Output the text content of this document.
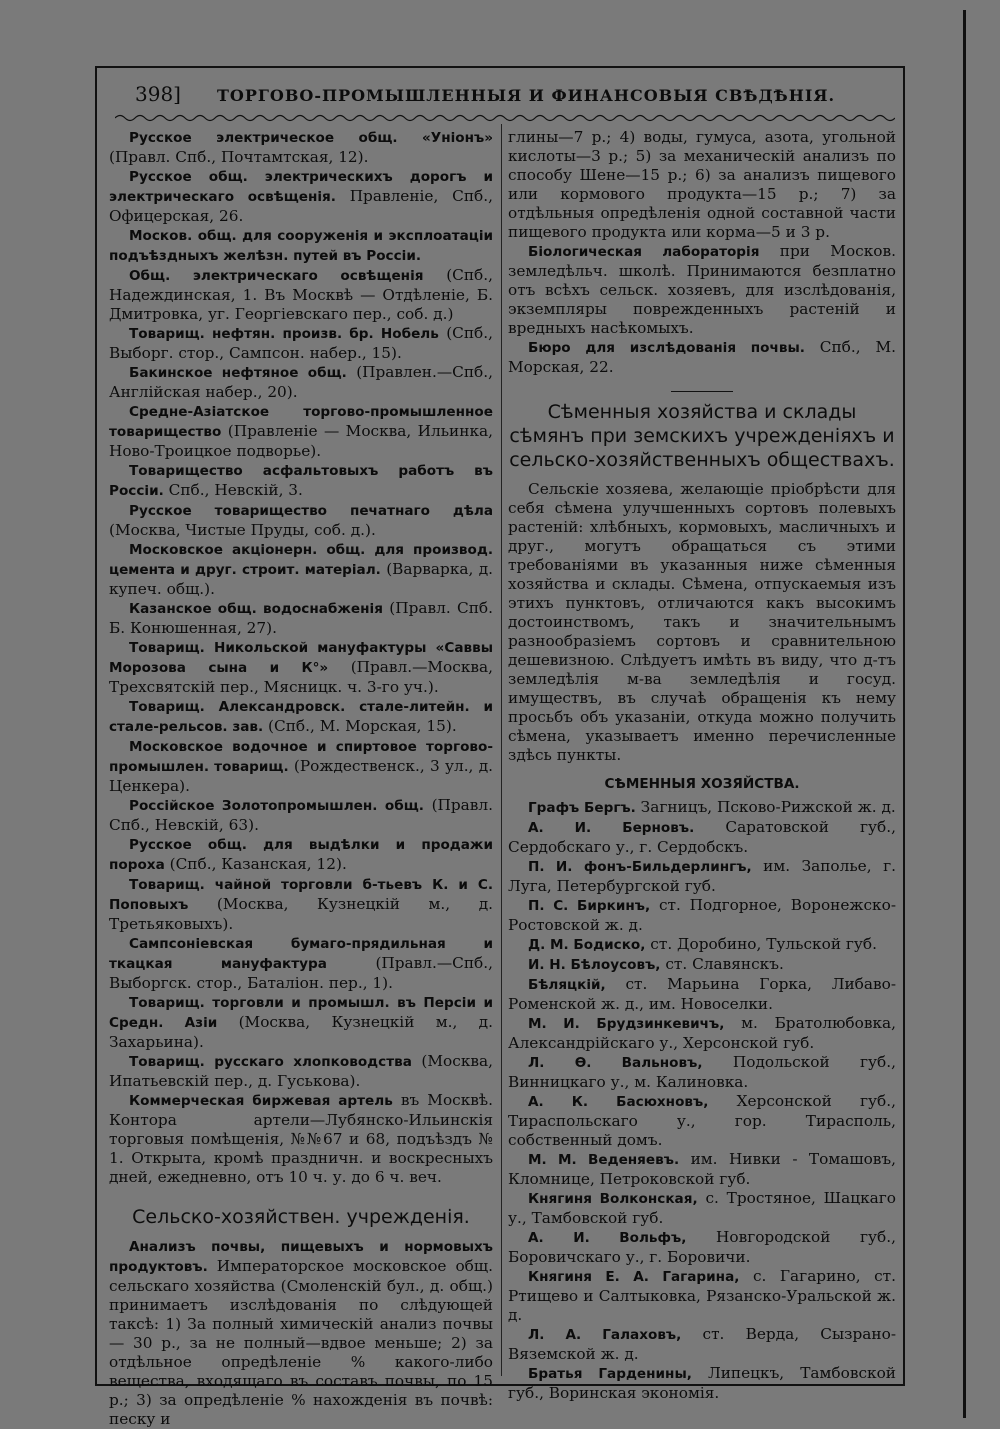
398] ТОРГОВО-ПРОМЫШЛЕННЫЯ И ФИНАНСОВЫЯ СВѢДѢНІЯ.

Русское электрическое общ. «Уніонъ» (Правл. Спб., Почтамтская, 12).

Русское общ. электрическихъ дорогъ и электрическаго освѣщенія. Правленіе, Спб., Офицерская, 26.

Москов. общ. для сооруженія и эксплоатаціи подъѣздныхъ желѣзн. путей въ Россіи.

Общ. электрическаго освѣщенія (Спб., Надеждинская, 1. Въ Москвѣ — Отдѣленіе, Б. Дмитровка, уг. Георгіевскаго пер., соб. д.)

Товарищ. нефтян. произв. бр. Нобель (Спб., Выборг. стор., Сампсон. набер., 15).

Бакинское нефтяное общ. (Правлен.—Спб., Англійская набер., 20).

Средне-Азіатское торгово-промышленное товарищество (Правленіе — Москва, Ильинка, Ново-Троицкое подворье).

Товарищество асфальтовыхъ работъ въ Россіи. Спб., Невскій, 3.

Русское товарищество печатнаго дѣла (Москва, Чистые Пруды, соб. д.).

Московское акціонерн. общ. для производ. цемента и друг. строит. матеріал. (Варварка, д. купеч. общ.).

Казанское общ. водоснабженія (Правл. Спб. Б. Конюшенная, 27).

Товарищ. Никольской мануфактуры «Саввы Морозова сына и К°» (Правл.—Москва, Трехсвятскій пер., Мясницк. ч. 3-го уч.).

Товарищ. Александровск. стале-литейн. и стале-рельсов. зав. (Спб., М. Морская, 15).

Московское водочное и спиртовое торгово-промышлен. товарищ. (Рождественск., 3 ул., д. Ценкера).

Россійское Золотопромышлен. общ. (Правл. Спб., Невскій, 63).

Русское общ. для выдѣлки и продажи пороха (Спб., Казанская, 12).

Товарищ. чайной торговли б-тьевъ К. и С. Поповыхъ (Москва, Кузнецкій м., д. Третьяковыхъ).

Сампсоніевская бумаго-прядильная и ткацкая мануфактура	(Правл.—Спб., Выборгск. стор., Баталіон. пер., 1).

Товарищ. торговли и промышл. въ Персіи и Средн. Азіи (Москва, Кузнецкій м., д. Захарьина).

Товарищ. русскаго хлопководства (Москва, Ипатьевскій пер., д. Гуськова).

Коммерческая биржевая артель въ Москвѣ. Контора артели—Лубянско-Ильинскія торговыя помѣщенія, №№67 и 68, подъѣздъ № 1. Открыта, кромѣ праздничн. и воскресныхъ дней, ежедневно, отъ 10 ч. у. до 6 ч. веч.

Сельско-хозяйствен. учрежденія.

Анализъ почвы, пищевыхъ и нормовыхъ продуктовъ. Императорское московское общ. сельскаго хозяйства (Смоленскій бул., д. общ.) принимаетъ изслѣдованія по слѣдующей таксѣ: 1) За полный химическій анализ почвы — 30 р., за не полный—вдвое меньше; 2) за отдѣльное опредѣленіе % какого-либо вещества, входящаго въ составъ почвы, по 15 р.; 3) за опредѣленіе % нахожденія въ почвѣ: песку и

глины—7 р.; 4) воды, гумуса, азота, угольной кислоты—3 р.; 5) за механическій анализъ по способу Шене—15 р.; 6) за анализъ пищевого или кормового продукта—15 р.; 7) за отдѣльныя опредѣленія одной составной части пищевого продукта или корма—5 и 3 р.

Біологическая лабораторія при Москов. земледѣльч. школѣ. Принимаются безплатно отъ всѣхъ сельск. хозяевъ, для изслѣдованія, экземпляры поврежденныхъ растеній и вредныхъ насѣкомыхъ.

Бюро для изслѣдованія почвы. Спб., М. Морская, 22.

Сѣменныя хозяйства и склады сѣмянъ при земскихъ учрежденіяхъ и сельско-хозяйственныхъ обществахъ.

Сельскіе хозяева, желающіе пріобрѣсти для себя сѣмена улучшенныхъ сортовъ полевыхъ растеній: хлѣбныхъ, кормовыхъ, масличныхъ и друг., могутъ обращаться съ этими требованіями въ указанныя ниже сѣменныя хозяйства и склады. Сѣмена, отпускаемыя изъ этихъ пунктовъ, отличаются какъ высокимъ достоинствомъ, такъ и значительнымъ разнообразіемъ сортовъ и сравнительною дешевизною. Слѣдуетъ имѣть въ виду, что д-тъ земледѣлія м-ва земледѣлія и госуд. имуществъ, въ случаѣ обращенія къ нему просьбъ объ указаніи, откуда можно получить сѣмена, указываетъ именно перечисленные здѣсь пункты.

СѢМЕННЫЯ ХОЗЯЙСТВА.

Графъ Бергъ. Загницъ, Псково-Рижской ж. д.

А. И. Берновъ. Саратовской губ., Сердобскаго у., г. Сердобскъ.

П. И. фонъ-Бильдерлингъ, им. Заполье, г. Луга, Петербургской губ.

П. С. Биркинъ, ст. Подгорное, Воронежско-Ростовской ж. д.

Д. М. Бодиско, ст. Доробино, Тульской губ.

И. Н. Бѣлоусовъ, ст. Славянскъ.

Бѣляцкій, ст. Марьина Горка, Либаво-Роменской ж. д., им. Новоселки.

М. И. Брудзинкевичъ, м. Братолюбовка, Александрійскаго у., Херсонской губ.

Л. Ѳ. Вальновъ, Подольской губ., Винницкаго у., м. Калиновка.

А. К. Басюхновъ, Херсонской губ., Тираспольскаго у., гор. Тирасполь, собственный домъ.

М. М. Веденяевъ. им. Нивки - Томашовъ, Кломнице, Петроковской губ.

Княгиня Волконская, с. Тростяное, Шацкаго у., Тамбовской губ.

А. И. Вольфъ, Новгородской губ., Боровичскаго у., г. Боровичи.

Княгиня Е. А. Гагарина, с. Гагарино, ст. Ртищево и Салтыковка, Рязанско-Уральской ж. д.

Л. А. Галаховъ, ст. Верда, Сызрано-Вяземской ж. д.

Братья Гарденины, Липецкъ, Тамбовской губ., Воринская экономія.
